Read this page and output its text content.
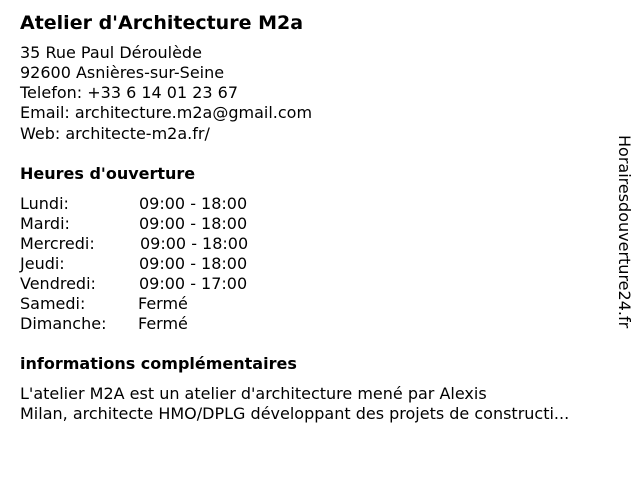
Atelier d'Architecture M2a
35 Rue Paul Déroulède
92600 Asnières-sur-Seine
Telefon: +33 6 14 01 23 67
Email: architecture.m2a@gmail.com
Web: architecte-m2a.fr/
Heures d'ouverture
Lundi:	09:00 - 18:00
Mardi:	09:00 - 18:00
Mercredi:	09:00 - 18:00
Jeudi:	09:00 - 18:00
Vendredi:	09:00 - 17:00
Samedi:	Fermé
Dimanche: Fermé
informations complémentaires
L'atelier M2A est un atelier d'architecture mené par Alexis
Milan, architecte HMO/DPLG développant des projets de constructi...
Horairesdouverture24.fr
